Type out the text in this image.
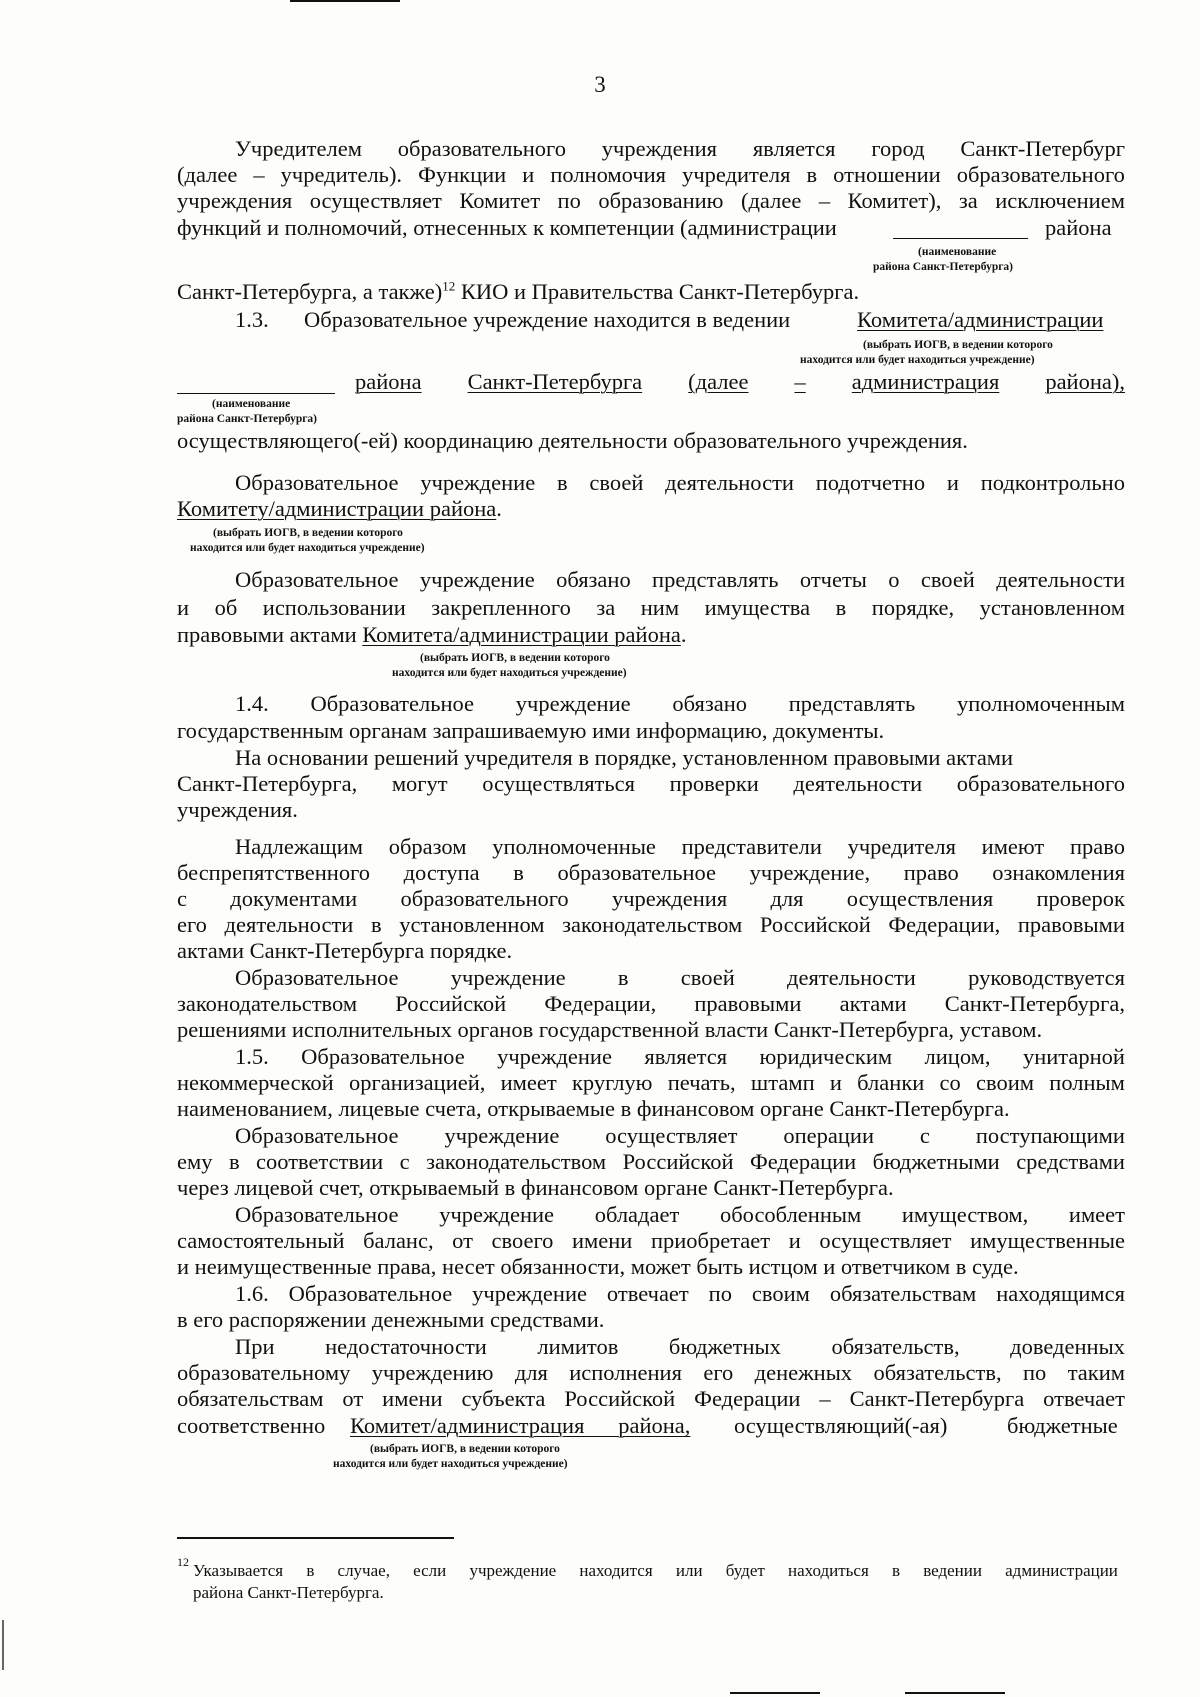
3
Учредителем образовательного учреждения является город Санкт-Петербург
(далее – учредитель). Функции и полномочия учредителя в отношении образовательного
учреждения осуществляет Комитет по образованию (далее – Комитет), за исключением
функций и полномочий, отнесенных к компетенции (администрации	района
(наименование
района Санкт-Петербурга)
Санкт-Петербурга, а также)$^{12}$ КИО и Правительства Санкт-Петербурга.
1.3. Образовательное учреждение находится в ведении	Комитета/администрации
(выбрать ИОГВ, в ведении которого
находится или будет находиться учреждение)
района Санкт-Петербурга (далее – администрация района),
(наименование
района Санкт-Петербурга)
осуществляющего(-ей) координацию деятельности образовательного учреждения.
Образовательное учреждение в своей деятельности подотчетно и подконтрольно
Комитету/администрации района.
(выбрать ИОГВ, в ведении которого
находится или будет находиться учреждение)
Образовательное учреждение обязано представлять отчеты о своей деятельности
и об использовании закрепленного за ним имущества в порядке, установленном
правовыми актами Комитета/администрации района.
(выбрать ИОГВ, в ведении которого
находится или будет находиться учреждение)
1.4. Образовательное учреждение обязано представлять уполномоченным
государственным органам запрашиваемую ими информацию, документы.
На основании решений учредителя в порядке, установленном правовыми актами
Санкт-Петербурга, могут осуществляться проверки деятельности образовательного
учреждения.
Надлежащим образом уполномоченные представители учредителя имеют право
беспрепятственного доступа в образовательное учреждение, право ознакомления
с документами образовательного учреждения для осуществления проверок
его деятельности в установленном законодательством Российской Федерации, правовыми
актами Санкт-Петербурга порядке.
Образовательное учреждение в своей деятельности руководствуется
законодательством Российской Федерации, правовыми актами Санкт-Петербурга,
решениями исполнительных органов государственной власти Санкт-Петербурга, уставом.
1.5. Образовательное учреждение является юридическим лицом, унитарной
некоммерческой организацией, имеет круглую печать, штамп и бланки со своим полным
наименованием, лицевые счета, открываемые в финансовом органе Санкт-Петербурга.
Образовательное учреждение осуществляет операции с поступающими
ему в соответствии с законодательством Российской Федерации бюджетными средствами
через лицевой счет, открываемый в финансовом органе Санкт-Петербурга.
Образовательное учреждение обладает обособленным имуществом, имеет
самостоятельный баланс, от своего имени приобретает и осуществляет имущественные
и неимущественные права, несет обязанности, может быть истцом и ответчиком в суде.
1.6. Образовательное учреждение отвечает по своим обязательствам находящимся
в его распоряжении денежными средствами.
При недостаточности лимитов бюджетных обязательств, доведенных
образовательному учреждению для исполнения его денежных обязательств, по таким
обязательствам от имени субъекта Российской Федерации – Санкт-Петербурга отвечает
соответственно Комитет/администрация района, осуществляющий(-ая)	бюджетные
(выбрать ИОГВ, в ведении которого
находится или будет находиться учреждение)
12 Указывается в случае, если учреждение находится или будет находиться в ведении администрации
района Санкт-Петербурга.
